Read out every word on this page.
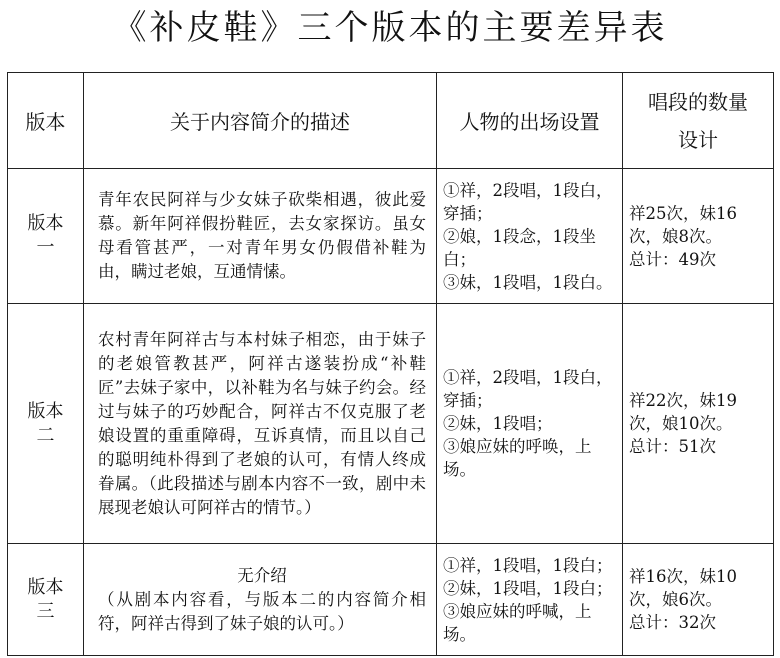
《补皮鞋》三个版本的主要差异表
版本	关于内容简介的描述	人物的出场设置	唱段的数量设计
版本一	青年农民阿祥与少女妹子砍柴相遇，彼此爱慕。新年阿祥假扮鞋匠，去女家探访。虽女母看管甚严，一对青年男女仍假借补鞋为由，瞒过老娘，互通情愫。	①祥，2段唱，1段白，穿插；
②娘，1段念，1段坐白；
③妹，1段唱，1段白。	祥25次，妹16次，娘8次。
总计：49次

版本二	农村青年阿祥古与本村妹子相恋，由于妹子的老娘管教甚严，阿祥古遂装扮成“补鞋匠”去妹子家中，以补鞋为名与妹子约会。经过与妹子的巧妙配合，阿祥古不仅克服了老娘设置的重重障碍，互诉真情，而且以自己的聪明纯朴得到了老娘的认可，有情人终成眷属。（此段描述与剧本内容不一致，剧中未展现老娘认可阿祥古的情节。）	①祥，2段唱，1段白，穿插；
②妹，1段唱；
③娘应妹的呼唤，上场。	祥22次，妹19次，娘10次。
总计：51次

版本三	无介绍
（从剧本内容看，与版本二的内容简介相符，阿祥古得到了妹子娘的认可。）	①祥，1段唱，1段白；
②妹，1段唱，1段白；
③娘应妹的呼喊，上场。	祥16次，妹10次，娘6次。
总计：32次
